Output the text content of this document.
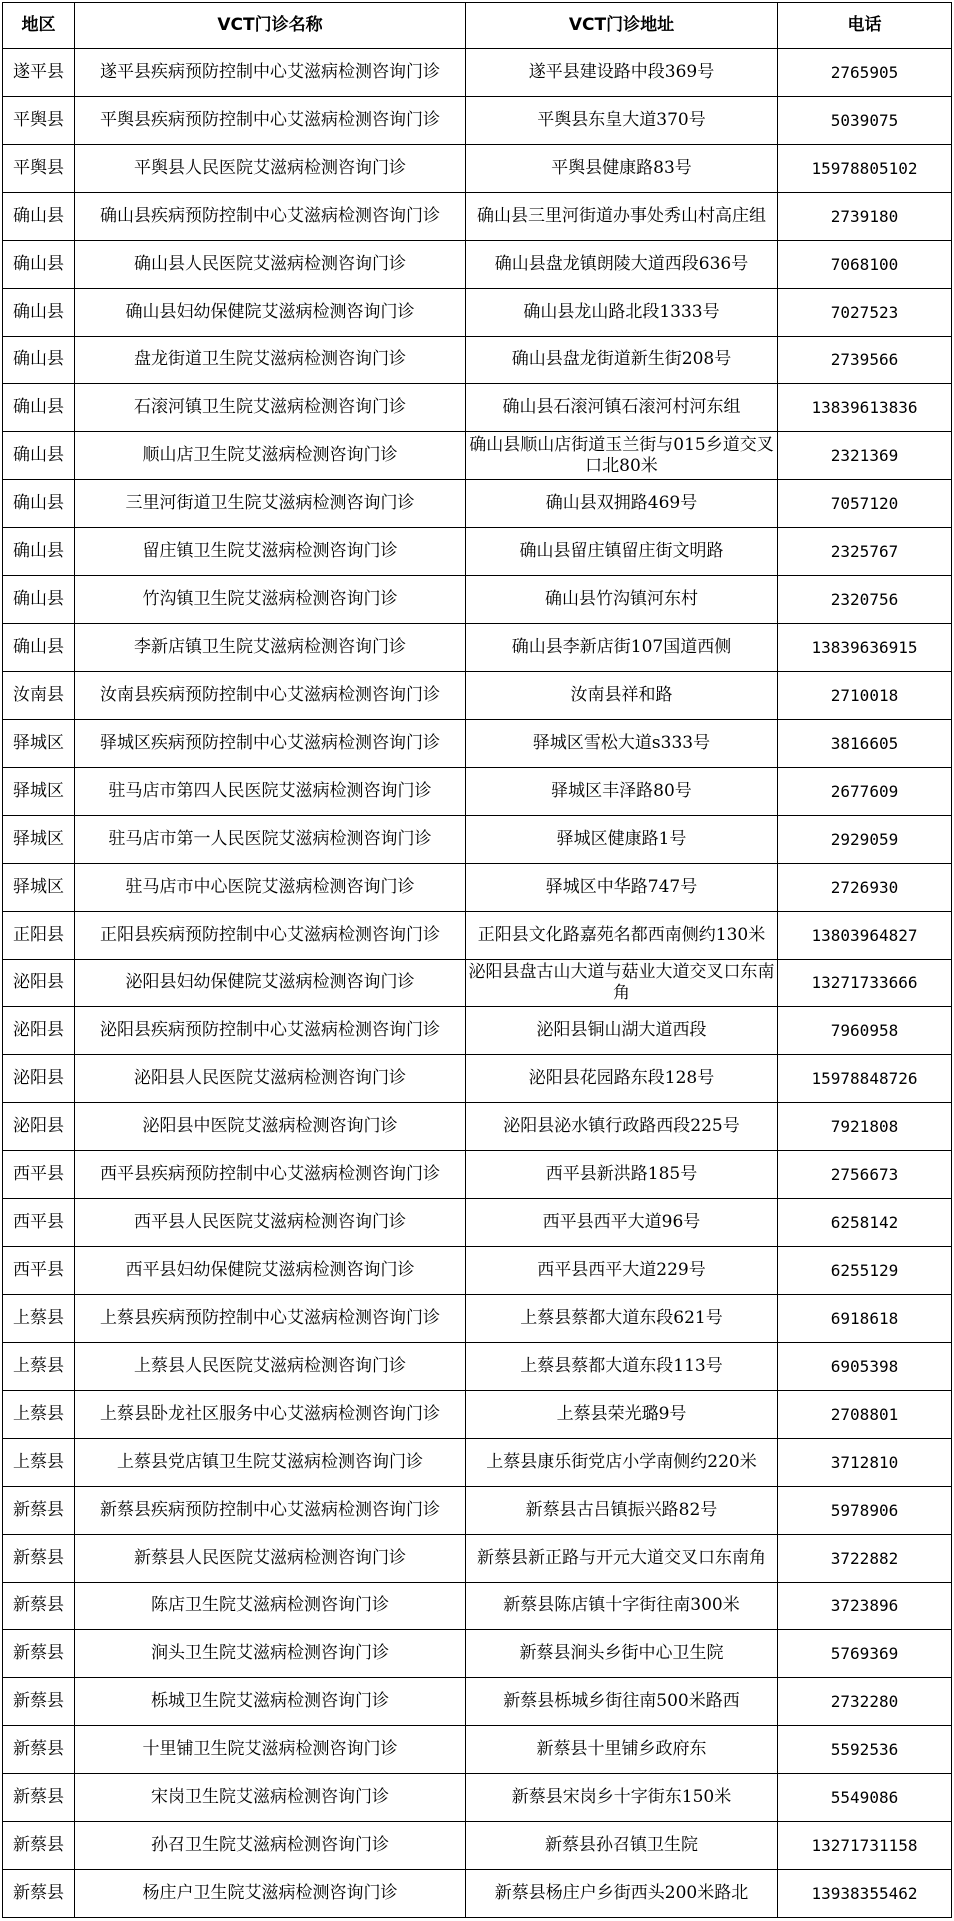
地区	VCT门诊名称	VCT门诊地址	电话
遂平县	遂平县疾病预防控制中心艾滋病检测咨询门诊	遂平县建设路中段369号	2765905
平舆县	平舆县疾病预防控制中心艾滋病检测咨询门诊	平舆县东皇大道370号	5039075
平舆县	平舆县人民医院艾滋病检测咨询门诊	平舆县健康路83号	15978805102
确山县	确山县疾病预防控制中心艾滋病检测咨询门诊	确山县三里河街道办事处秀山村高庄组	2739180
确山县	确山县人民医院艾滋病检测咨询门诊	确山县盘龙镇朗陵大道西段636号	7068100
确山县	确山县妇幼保健院艾滋病检测咨询门诊	确山县龙山路北段1333号	7027523
确山县	盘龙街道卫生院艾滋病检测咨询门诊	确山县盘龙街道新生街208号	2739566
确山县	石滚河镇卫生院艾滋病检测咨询门诊	确山县石滚河镇石滚河村河东组	13839613836
确山县	顺山店卫生院艾滋病检测咨询门诊	确山县顺山店街道玉兰街与015乡道交叉口北80米	2321369
确山县	三里河街道卫生院艾滋病检测咨询门诊	确山县双拥路469号	7057120
确山县	留庄镇卫生院艾滋病检测咨询门诊	确山县留庄镇留庄街文明路	2325767
确山县	竹沟镇卫生院艾滋病检测咨询门诊	确山县竹沟镇河东村	2320756
确山县	李新店镇卫生院艾滋病检测咨询门诊	确山县李新店街107国道西侧	13839636915
汝南县	汝南县疾病预防控制中心艾滋病检测咨询门诊	汝南县祥和路	2710018
驿城区	驿城区疾病预防控制中心艾滋病检测咨询门诊	驿城区雪松大道s333号	3816605
驿城区	驻马店市第四人民医院艾滋病检测咨询门诊	驿城区丰泽路80号	2677609
驿城区	驻马店市第一人民医院艾滋病检测咨询门诊	驿城区健康路1号	2929059
驿城区	驻马店市中心医院艾滋病检测咨询门诊	驿城区中华路747号	2726930
正阳县	正阳县疾病预防控制中心艾滋病检测咨询门诊	正阳县文化路嘉苑名都西南侧约130米	13803964827
泌阳县	泌阳县妇幼保健院艾滋病检测咨询门诊	泌阳县盘古山大道与菇业大道交叉口东南角	13271733666
泌阳县	泌阳县疾病预防控制中心艾滋病检测咨询门诊	泌阳县铜山湖大道西段	7960958
泌阳县	泌阳县人民医院艾滋病检测咨询门诊	泌阳县花园路东段128号	15978848726
泌阳县	泌阳县中医院艾滋病检测咨询门诊	泌阳县泌水镇行政路西段225号	7921808
西平县	西平县疾病预防控制中心艾滋病检测咨询门诊	西平县新洪路185号	2756673
西平县	西平县人民医院艾滋病检测咨询门诊	西平县西平大道96号	6258142
西平县	西平县妇幼保健院艾滋病检测咨询门诊	西平县西平大道229号	6255129
上蔡县	上蔡县疾病预防控制中心艾滋病检测咨询门诊	上蔡县蔡都大道东段621号	6918618
上蔡县	上蔡县人民医院艾滋病检测咨询门诊	上蔡县蔡都大道东段113号	6905398
上蔡县	上蔡县卧龙社区服务中心艾滋病检测咨询门诊	上蔡县荣光璐9号	2708801
上蔡县	上蔡县党店镇卫生院艾滋病检测咨询门诊	上蔡县康乐街党店小学南侧约220米	3712810
新蔡县	新蔡县疾病预防控制中心艾滋病检测咨询门诊	新蔡县古吕镇振兴路82号	5978906
新蔡县	新蔡县人民医院艾滋病检测咨询门诊	新蔡县新正路与开元大道交叉口东南角	3722882
新蔡县	陈店卫生院艾滋病检测咨询门诊	新蔡县陈店镇十字街往南300米	3723896
新蔡县	涧头卫生院艾滋病检测咨询门诊	新蔡县涧头乡街中心卫生院	5769369
新蔡县	栎城卫生院艾滋病检测咨询门诊	新蔡县栎城乡街往南500米路西	2732280
新蔡县	十里铺卫生院艾滋病检测咨询门诊	新蔡县十里铺乡政府东	5592536
新蔡县	宋岗卫生院艾滋病检测咨询门诊	新蔡县宋岗乡十字街东150米	5549086
新蔡县	孙召卫生院艾滋病检测咨询门诊	新蔡县孙召镇卫生院	13271731158
新蔡县	杨庄户卫生院艾滋病检测咨询门诊	新蔡县杨庄户乡街西头200米路北	13938355462
